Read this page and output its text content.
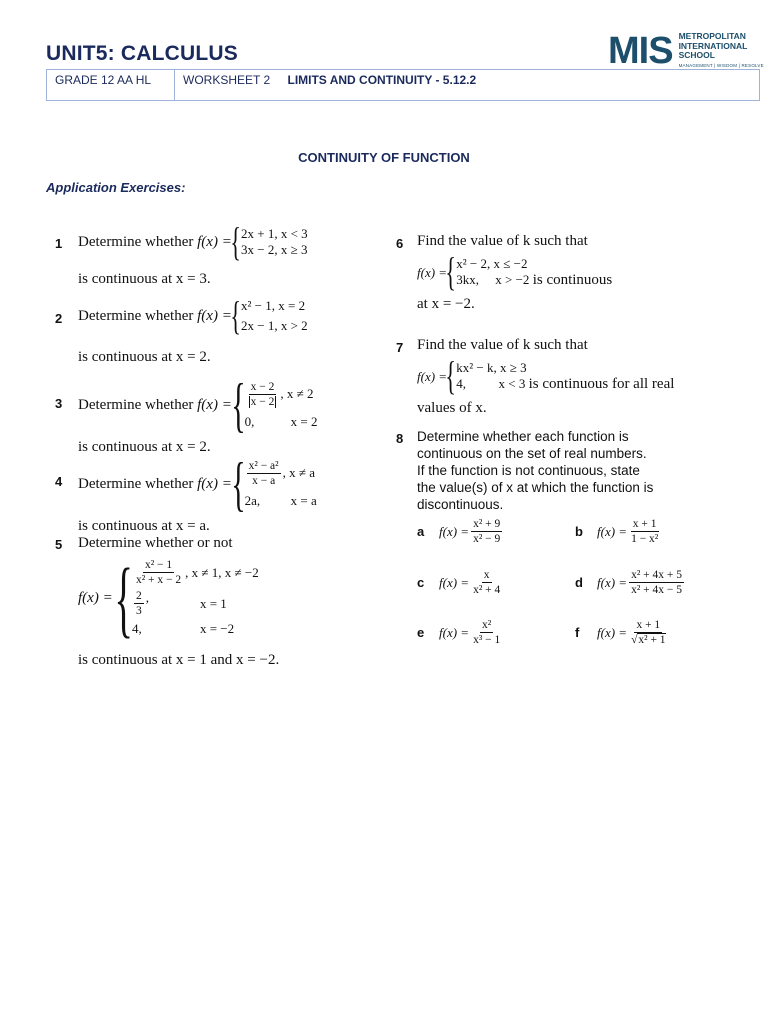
UNIT5: CALCULUS	MIS METROPOLITAN
INTERNATIONAL
SCHOOL
MANAGEMENT | WISDOM | RESOLVE
GRADE 12 AA HL	WORKSHEET 2 LIMITS AND CONTINUITY - 5.12.2
CONTINUITY OF FUNCTION
Application Exercises:
1 Determine whether
f(x) =
{ 2x + 1, x < 3
3x − 2, x ≥ 3
is continuous at x = 3.
2 Determine whether
f(x) =
{ x² − 1, x = 2
2x − 1, x > 2
is continuous at x = 2.
3 Determine whether
f(x) = { $\frac{x - 2}{x - 2}$ , x ≠ 2
0,	x = 2
is continuous at x = 2.
4 Determine whether
f(x) = { $\frac{\text{x² − a²}}{x - a}$ , x ≠ a
2a,	x = a
is continuous at x = a.
5 Determine whether or not
f(x) = { $\frac{\text{x² − 1}}{\text{x² + x − 2}}$ , x ≠ 1, x ≠ −2
$\frac{2}{3}$ ,	x = 1
4,	x = −2
is continuous at x = 1 and x = −2.
6 Find the value of k such that
f(x) =
{ x² − 2, x ≤ −2
3kx,     x > −2
is continuous
at x = −2.
7 Find the value of k such that
f(x) =
{ kx² − k, x ≥ 3
4,          x < 3
is continuous for all real
values of x.
8 Determine whether each function is
continuous on the set of real numbers.
If the function is not continuous, state
the value(s) of x at which the function is
discontinuous.
a	$f(x) = \frac{\text{x² + 9}}{\text{x² − 9}}$	b	$f(x) = \frac{x + 1}{\text{1 − x²}}$
c	$f(x) = \frac{x}{\text{x² + 4}}$	d	$f(x) = \frac{\text{x² + 4x + 5}}{\text{x² + 4x − 5}}$
e	$f(x) = \frac{\text{x²}}{\text{x³ − 1}}$	f	$f(x) = \frac{x + 1}{\text{√x² + 1}}$
